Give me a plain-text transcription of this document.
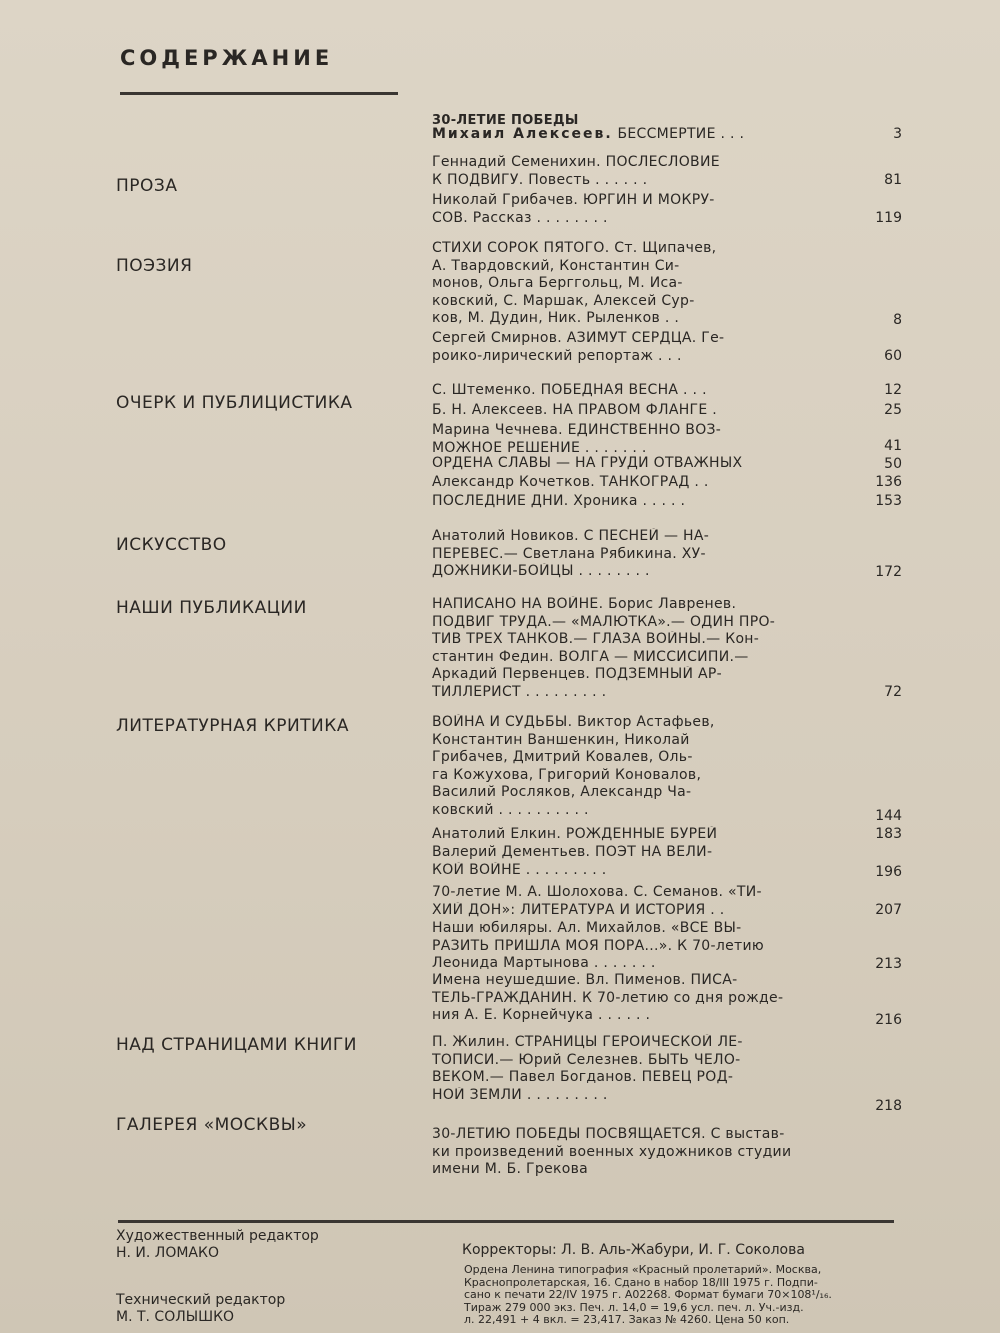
СОДЕРЖАНИЕ
30-ЛЕТИЕ ПОБЕДЫ
Михаил Алексеев. БЕССМЕРТИЕ . . .	3
ПРОЗА
ПОЭЗИЯ
ОЧЕРК И ПУБЛИЦИСТИКА
ИСКУССТВО
НАШИ ПУБЛИКАЦИИ
ЛИТЕРАТУРНАЯ КРИТИКА
НАД СТРАНИЦАМИ КНИГИ
ГАЛЕРЕЯ «МОСКВЫ»
Геннадий Семенихин. ПОСЛЕСЛОВИЕ
К ПОДВИГУ. Повесть . . . . . .
Николай Грибачев. ЮРГИН И МОКРУ-
СОВ. Рассказ . . . . . . . .
СТИХИ СОРОК ПЯТОГО. Ст. Щипачев,
А. Твардовский, Константин Си-
монов, Ольга Берггольц, М. Иса-
ковский, С. Маршак, Алексей Сур-
ков, М. Дудин, Ник. Рыленков . .
Сергей Смирнов. АЗИМУТ СЕРДЦА. Ге-
роико-лирический репортаж . . .
С. Штеменко. ПОБЕДНАЯ ВЕСНА . . .
Б. Н. Алексеев. НА ПРАВОМ ФЛАНГЕ .
Марина Чечнева. ЕДИНСТВЕННО ВОЗ-
МОЖНОЕ РЕШЕНИЕ . . . . . . .
ОРДЕНА СЛАВЫ — НА ГРУДИ ОТВАЖНЫХ
Александр Кочетков. ТАНКОГРАД . .
ПОСЛЕДНИЕ ДНИ. Хроника . . . . .
Анатолий Новиков. С ПЕСНЕЙ — НА-
ПЕРЕВЕС.— Светлана Рябикина. ХУ-
ДОЖНИКИ-БОЙЦЫ . . . . . . . .
НАПИСАНО НА ВОЙНЕ. Борис Лавренев.
ПОДВИГ ТРУДА.— «МАЛЮТКА».— ОДИН ПРО-
ТИВ ТРЕХ ТАНКОВ.— ГЛАЗА ВОЙНЫ.— Кон-
стантин Федин. ВОЛГА — МИССИСИПИ.—
Аркадий Первенцев. ПОДЗЕМНЫЙ АР-
ТИЛЛЕРИСТ . . . . . . . . .
ВОЙНА И СУДЬБЫ. Виктор Астафьев,
Константин Ваншенкин, Николай
Грибачев, Дмитрий Ковалев, Оль-
га Кожухова, Григорий Коновалов,
Василий Росляков, Александр Ча-
ковский . . . . . . . . . .
Анатолий Елкин. РОЖДЕННЫЕ БУРЕЙ
Валерий Дементьев. ПОЭТ НА ВЕЛИ-
КОЙ ВОЙНЕ . . . . . . . . .
70-летие М. А. Шолохова. С. Семанов. «ТИ-
ХИЙ ДОН»: ЛИТЕРАТУРА И ИСТОРИЯ . .
Наши юбиляры. Ал. Михайлов. «ВСЕ ВЫ-
РАЗИТЬ ПРИШЛА МОЯ ПОРА...». К 70-летию
Леонида Мартынова . . . . . . .
Имена неушедшие. Вл. Пименов. ПИСА-
ТЕЛЬ-ГРАЖДАНИН. К 70-летию со дня рожде-
ния А. Е. Корнейчука . . . . . .
П. Жилин. СТРАНИЦЫ ГЕРОИЧЕСКОЙ ЛЕ-
ТОПИСИ.— Юрий Селезнев. БЫТЬ ЧЕЛО-
ВЕКОМ.— Павел Богданов. ПЕВЕЦ РОД-
НОЙ ЗЕМЛИ . . . . . . . . .
30-ЛЕТИЮ ПОБЕДЫ ПОСВЯЩАЕТСЯ. С выстав-
ки произведений военных художников студии
имени М. Б. Грекова
81
119
8
60
12
25
41
50
136
153
172
72
144
183
196
207
213
216
218
Художественный редактор
Н. И. ЛОМАКО
Технический редактор
М. Т. СОЛЫШКО
Корректоры: Л. В. Аль-Жабури, И. Г. Соколова
Ордена Ленина типография «Красный пролетарий». Москва,
Краснопролетарская, 16. Сдано в набор 18/III 1975 г. Подпи-
сано к печати 22/IV 1975 г. А02268. Формат бумаги 70×108¹/₁₆.
Тираж 279 000 экз. Печ. л. 14,0 = 19,6 усл. печ. л. Уч.-изд.
л. 22,491 + 4 вкл. = 23,417. Заказ № 4260. Цена 50 коп.
